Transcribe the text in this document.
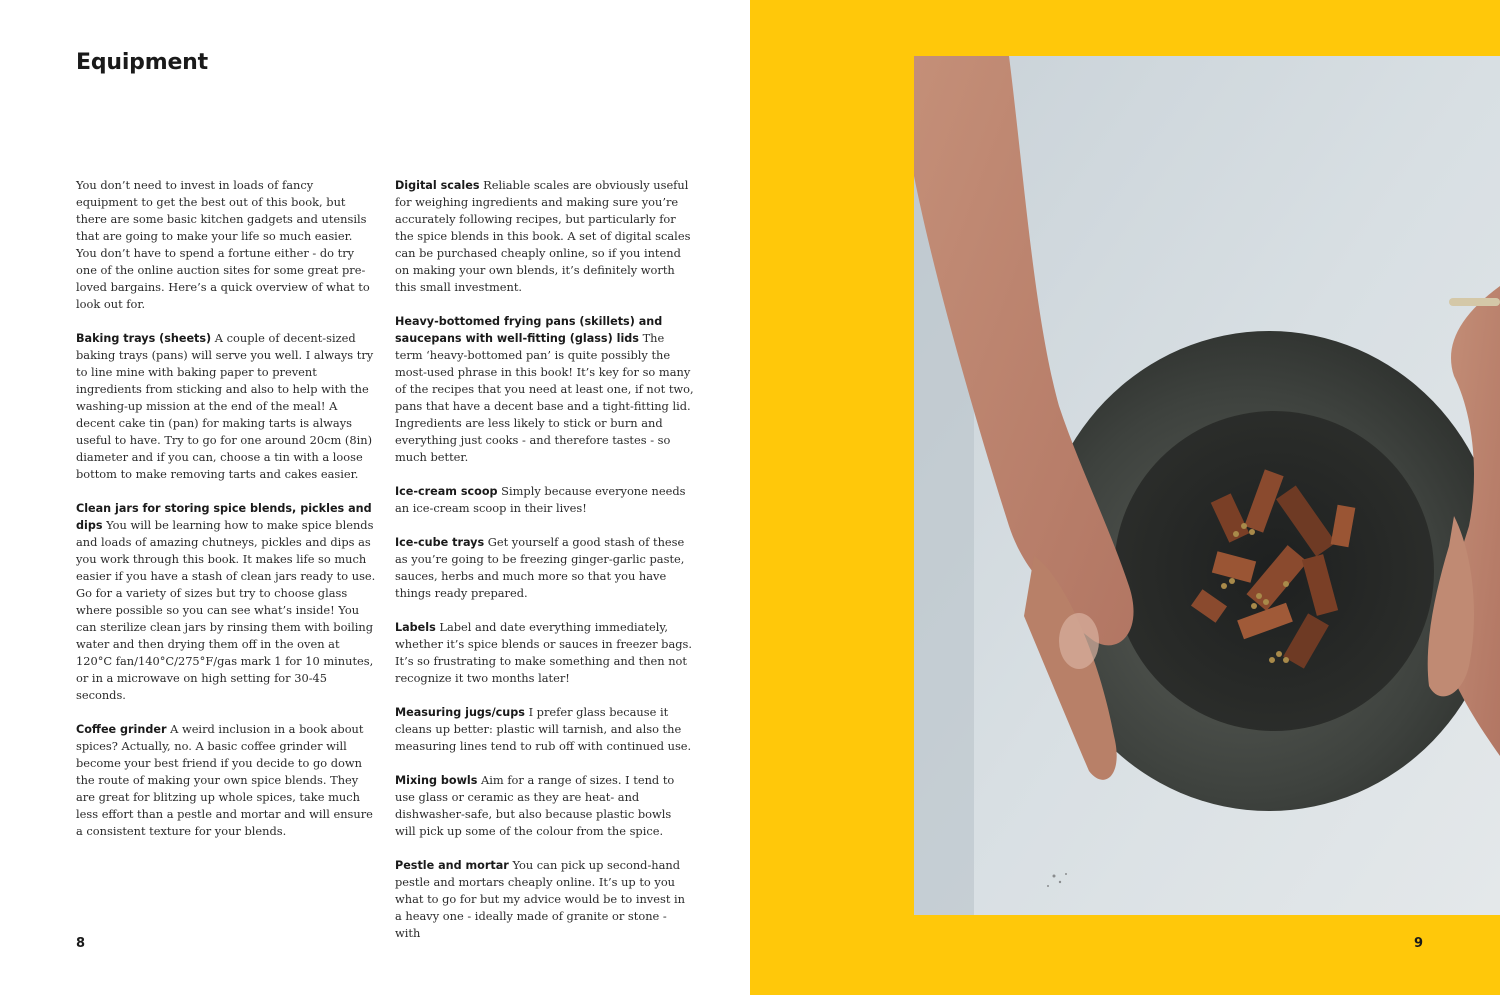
Equipment

You don’t need to invest in loads of fancy equipment to get the best out of this book, but there are some basic kitchen gadgets and utensils that are going to make your life so much easier. You don’t have to spend a fortune either - do try one of the online auction sites for some great pre-loved bargains. Here’s a quick overview of what to look out for.

Baking trays (sheets) A couple of decent-sized baking trays (pans) will serve you well. I always try to line mine with baking paper to prevent ingredients from sticking and also to help with the washing-up mission at the end of the meal! A decent cake tin (pan) for making tarts is always useful to have. Try to go for one around 20cm (8in) diameter and if you can, choose a tin with a loose bottom to make removing tarts and cakes easier.

Clean jars for storing spice blends, pickles and dips You will be learning how to make spice blends and loads of amazing chutneys, pickles and dips as you work through this book. It makes life so much easier if you have a stash of clean jars ready to use. Go for a variety of sizes but try to choose glass where possible so you can see what’s inside! You can sterilize clean jars by rinsing them with boiling water and then drying them off in the oven at 120°C fan/140°C/275°F/gas mark 1 for 10 minutes, or in a microwave on high setting for 30-45 seconds.

Coffee grinder A weird inclusion in a book about spices? Actually, no. A basic coffee grinder will become your best friend if you decide to go down the route of making your own spice blends. They are great for blitzing up whole spices, take much less effort than a pestle and mortar and will ensure a consistent texture for your blends.

Digital scales Reliable scales are obviously useful for weighing ingredients and making sure you’re accurately following recipes, but particularly for the spice blends in this book. A set of digital scales can be purchased cheaply online, so if you intend on making your own blends, it’s definitely worth this small investment.

Heavy-bottomed frying pans (skillets) and saucepans with well-fitting (glass) lids The term ‘heavy-bottomed pan’ is quite possibly the most-used phrase in this book! It’s key for so many of the recipes that you need at least one, if not two, pans that have a decent base and a tight-fitting lid. Ingredients are less likely to stick or burn and everything just cooks - and therefore tastes - so much better.

Ice-cream scoop Simply because everyone needs an ice-cream scoop in their lives!

Ice-cube trays Get yourself a good stash of these as you’re going to be freezing ginger-garlic paste, sauces, herbs and much more so that you have things ready prepared.

Labels Label and date everything immediately, whether it’s spice blends or sauces in freezer bags. It’s so frustrating to make something and then not recognize it two months later!

Measuring jugs/cups I prefer glass because it cleans up better: plastic will tarnish, and also the measuring lines tend to rub off with continued use.

Mixing bowls Aim for a range of sizes. I tend to use glass or ceramic as they are heat- and dishwasher-safe, but also because plastic bowls will pick up some of the colour from the spice.

Pestle and mortar You can pick up second-hand pestle and mortars cheaply online. It’s up to you what to go for but my advice would be to invest in a heavy one - ideally made of granite or stone - with

8	9
